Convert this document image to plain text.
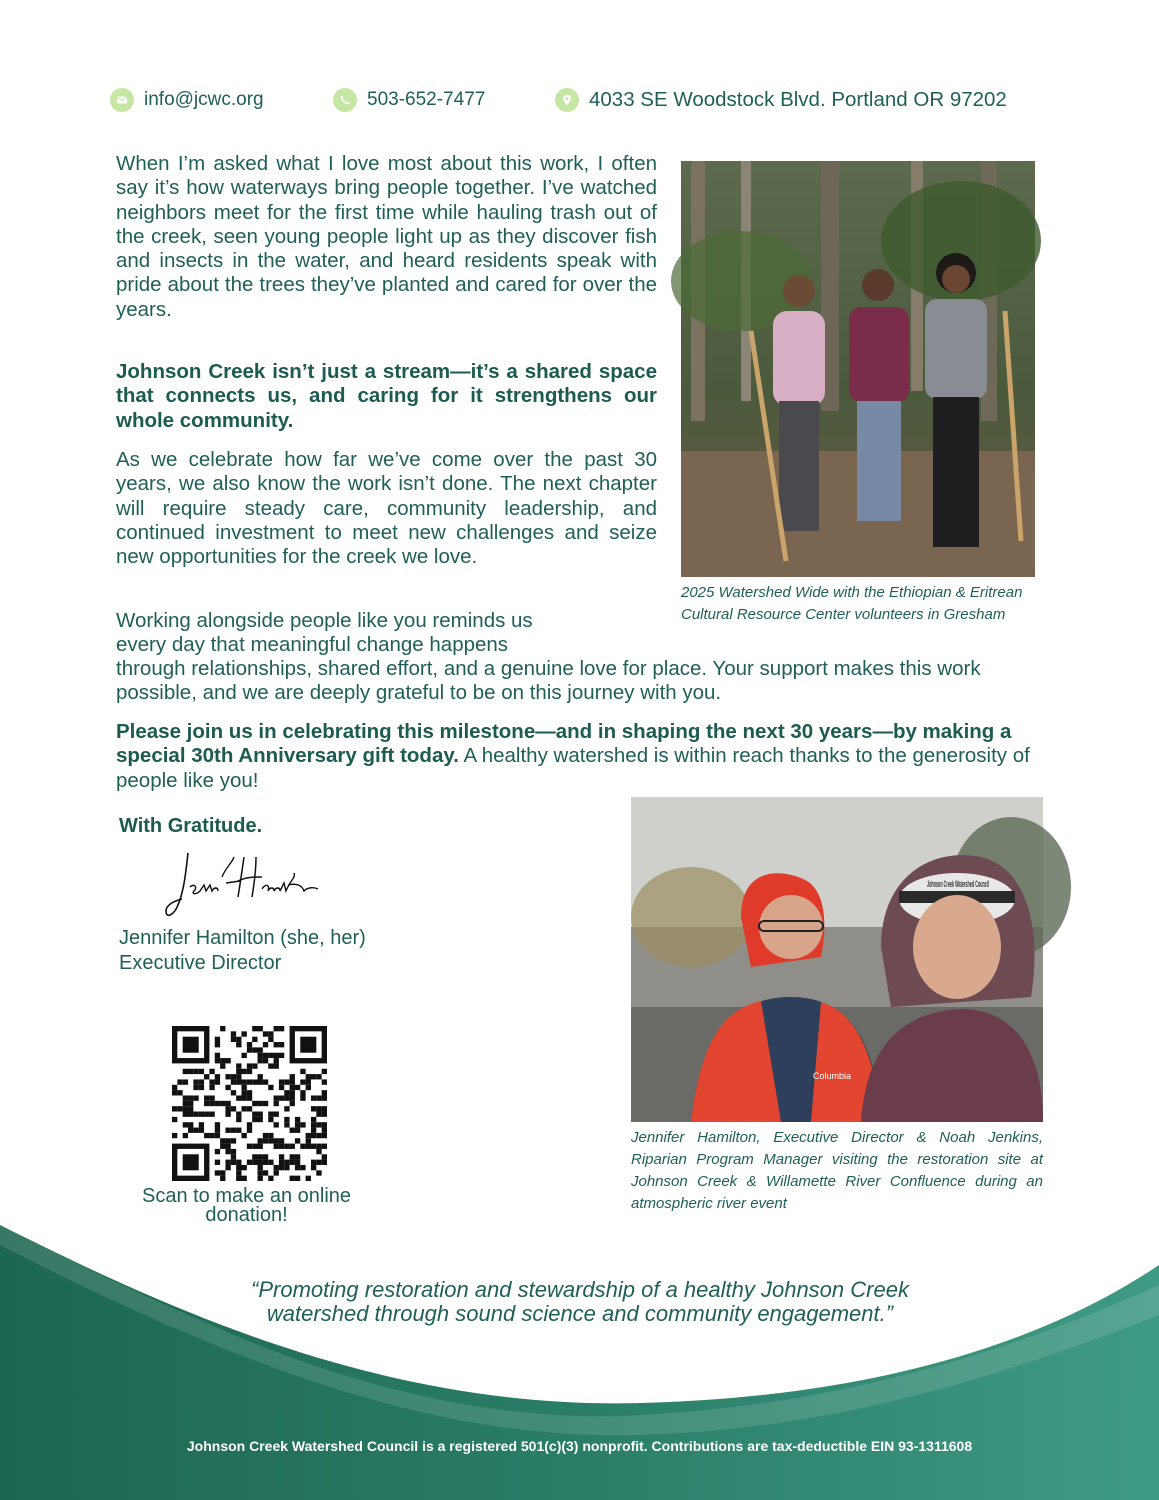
info@jcwc.org	503-652-7477	4033 SE Woodstock Blvd. Portland OR 97202

When I’m asked what I love most about this work, I often say it’s how waterways bring people together. I’ve watched neighbors meet for the first time while hauling trash out of the creek, seen young people light up as they discover fish and insects in the water, and heard residents speak with pride about the trees they’ve planted and cared for over the years.

Johnson Creek isn’t just a stream—it’s a shared space that connects us, and caring for it strengthens our whole community.

As we celebrate how far we’ve come over the past 30 years, we also know the work isn’t done. The next chapter will require steady care, community leadership, and continued investment to meet new challenges and seize new opportunities for the creek we love.

Working alongside people like you reminds us
every day that meaningful change happens

through relationships, shared effort, and a genuine love for place. Your support makes this work possible, and we are deeply grateful to be on this journey with you.

Please join us in celebrating this milestone—and in shaping the next 30 years—by making a special 30th Anniversary gift today. A healthy watershed is within reach thanks to the generosity of people like you!

2025 Watershed Wide with the Ethiopian & Eritrean Cultural Resource Center volunteers in Gresham

With Gratitude.
Jennifer Hamilton
Jennifer Hamilton (she, her)
Executive Director
Scan to make an online donation!
Columbia
Johnson Creek Watershed Council

Jennifer Hamilton, Executive Director & Noah Jenkins, Riparian Program Manager visiting the restoration site at Johnson Creek & Willamette River Confluence during an atmospheric river event

“Promoting restoration and stewardship of a healthy Johnson Creek watershed through sound science and community engagement.”
Johnson Creek Watershed Council is a registered 501(c)(3) nonprofit. Contributions are tax-deductible EIN 93-1311608
